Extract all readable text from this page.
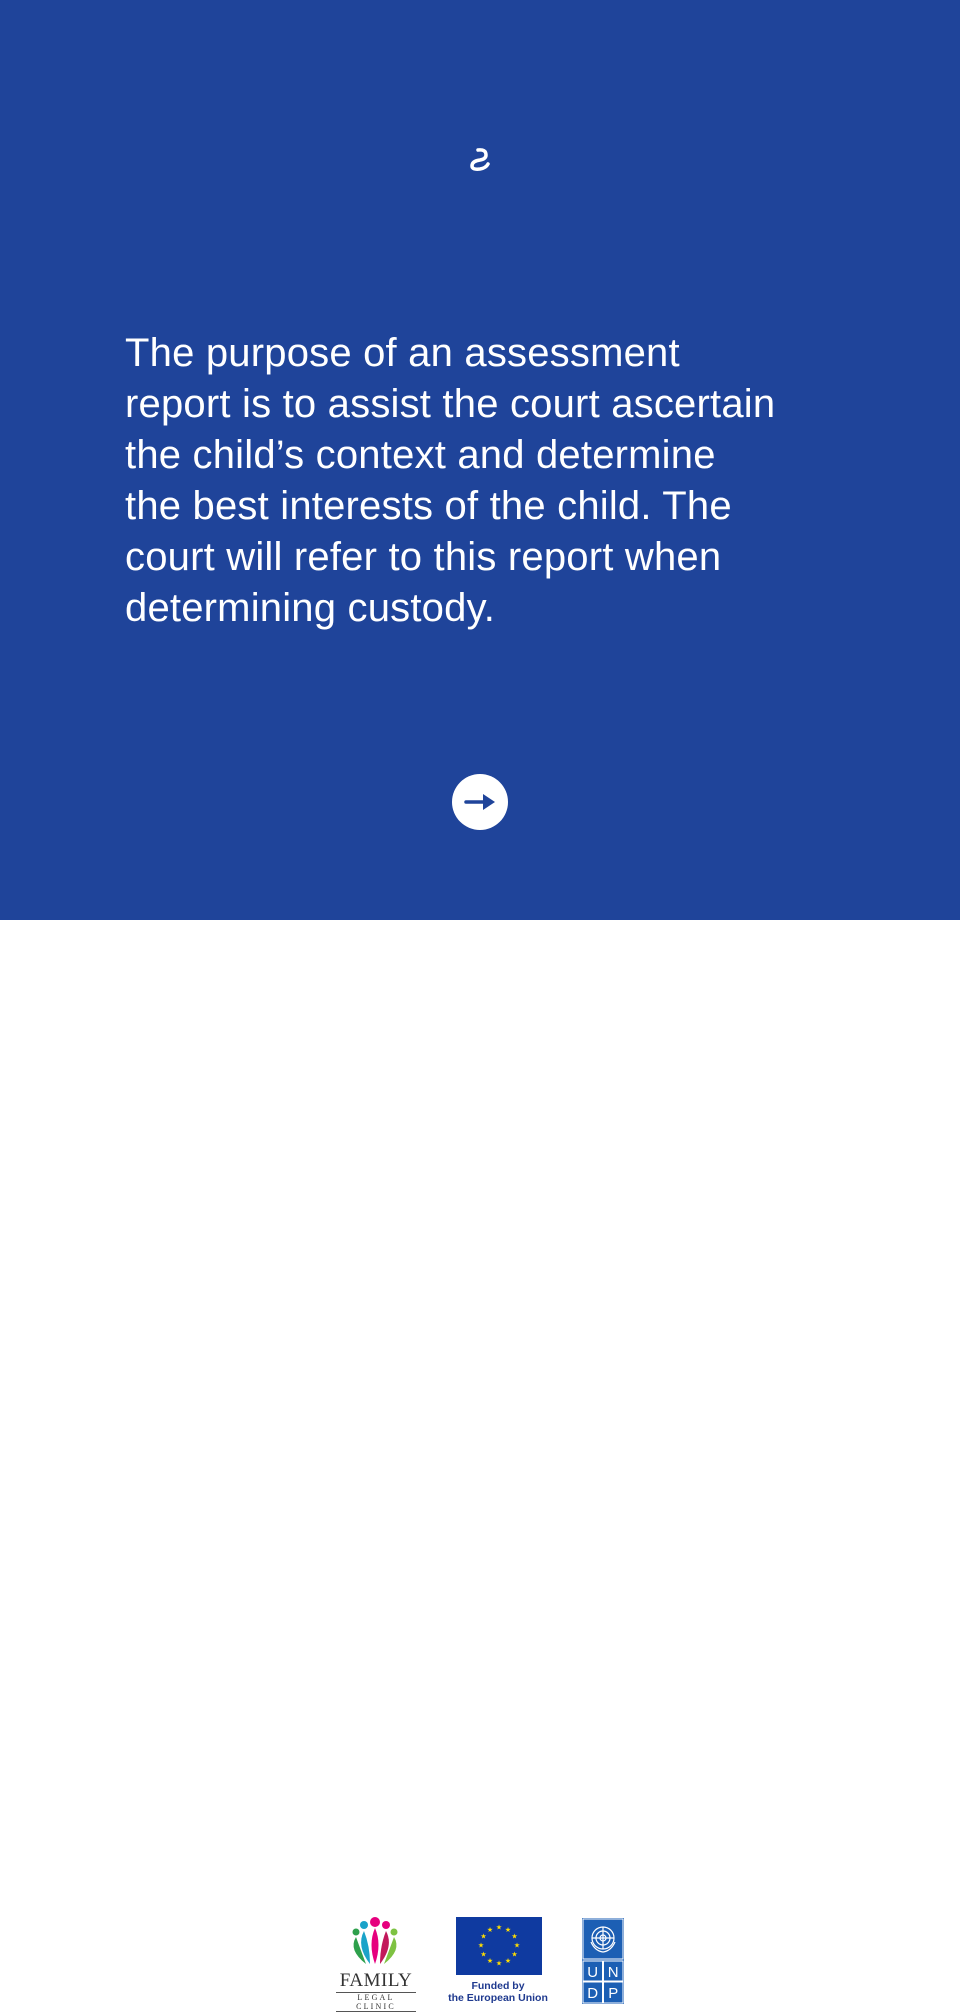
The purpose of an assessment
report is to assist the court ascertain
the child’s context and determine
the best interests of the child. The
court will refer to this report when
determining custody.

FAMILY
LEGAL CLINIC
★ ★
★
★
★
★
★
★
★
★
★
★
Funded by
the European Union
U N
D P
